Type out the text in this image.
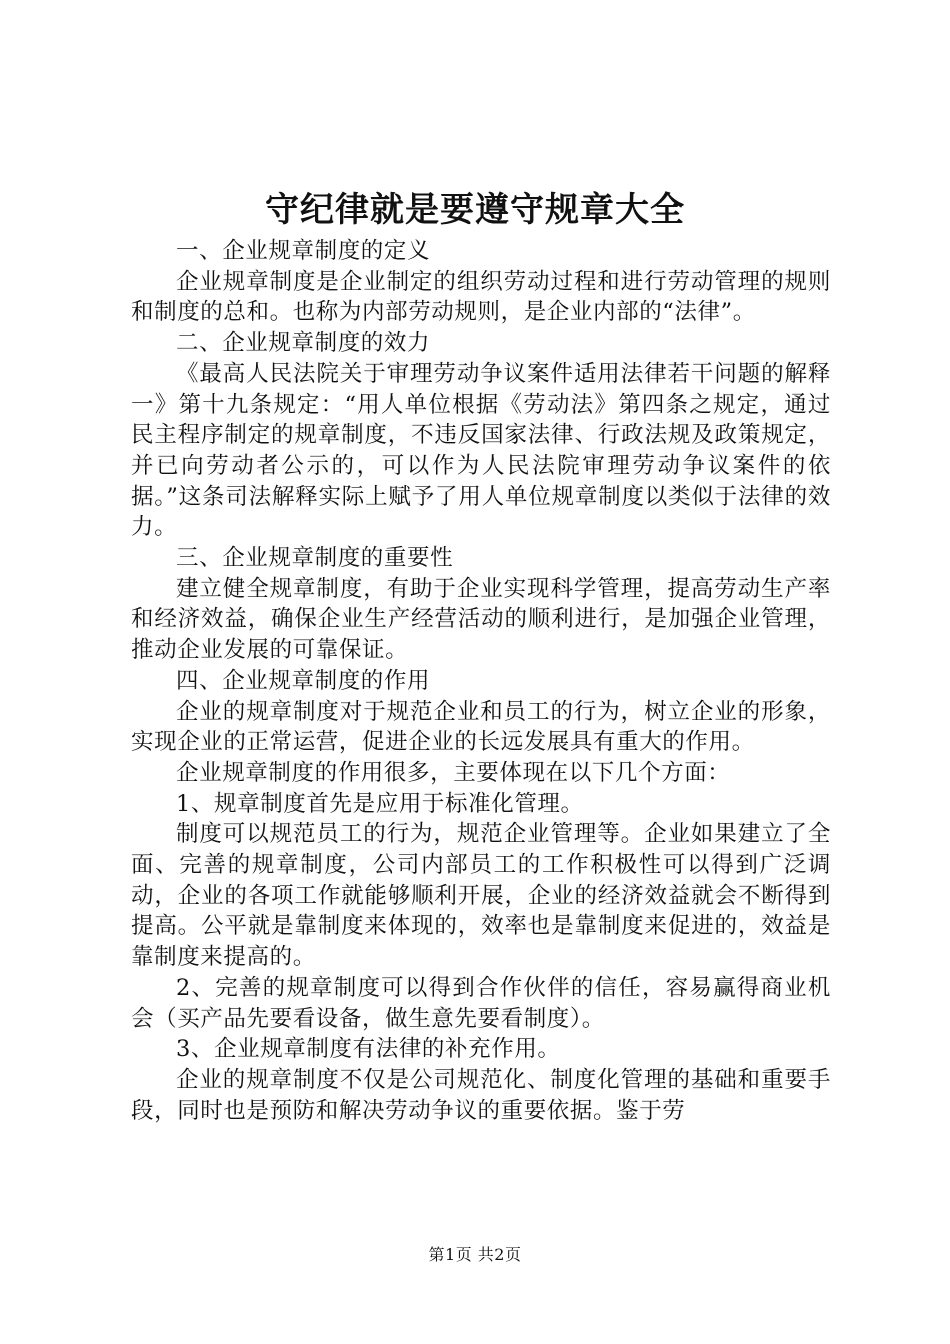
守纪律就是要遵守规章大全

一、企业规章制度的定义

企业规章制度是企业制定的组织劳动过程和进行劳动管理的规则和制度的总和。也称为内部劳动规则，是企业内部的“法律”。

二、企业规章制度的效力

《最高人民法院关于审理劳动争议案件适用法律若干问题的解释一》第十九条规定：“用人单位根据《劳动法》第四条之规定，通过民主程序制定的规章制度，不违反国家法律、行政法规及政策规定，并已向劳动者公示的，可以作为人民法院审理劳动争议案件的依据。”这条司法解释实际上赋予了用人单位规章制度以类似于法律的效力。

三、企业规章制度的重要性

建立健全规章制度，有助于企业实现科学管理，提高劳动生产率和经济效益，确保企业生产经营活动的顺利进行，是加强企业管理，推动企业发展的可靠保证。

四、企业规章制度的作用

企业的规章制度对于规范企业和员工的行为，树立企业的形象，实现企业的正常运营，促进企业的长远发展具有重大的作用。

企业规章制度的作用很多，主要体现在以下几个方面：

1、规章制度首先是应用于标准化管理。

制度可以规范员工的行为，规范企业管理等。企业如果建立了全面、完善的规章制度，公司内部员工的工作积极性可以得到广泛调动，企业的各项工作就能够顺利开展，企业的经济效益就会不断得到提高。公平就是靠制度来体现的，效率也是靠制度来促进的，效益是靠制度来提高的。

2、完善的规章制度可以得到合作伙伴的信任，容易赢得商业机会（买产品先要看设备，做生意先要看制度）。

3、企业规章制度有法律的补充作用。

企业的规章制度不仅是公司规范化、制度化管理的基础和重要手段，同时也是预防和解决劳动争议的重要依据。鉴于劳

第1页 共2页
